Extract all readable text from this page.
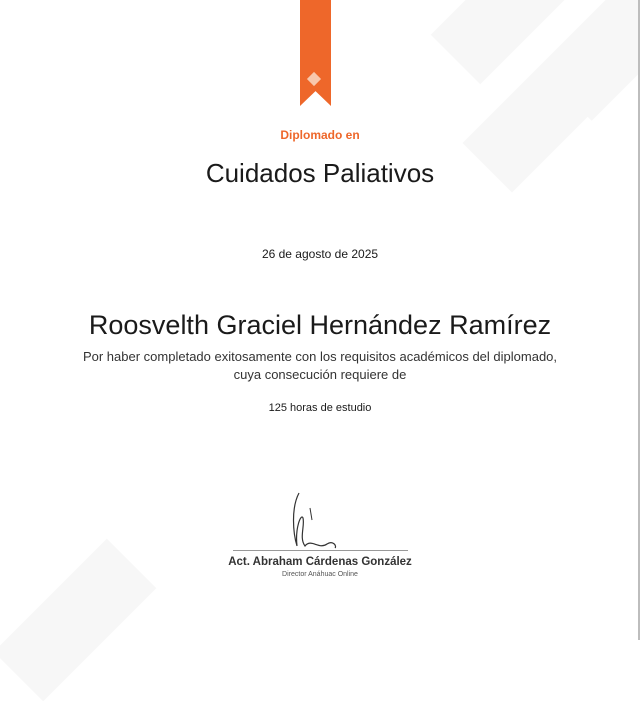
Diplomado en
Cuidados Paliativos
26 de agosto de 2025
Roosvelth Graciel Hernández Ramírez
Por haber completado exitosamente con los requisitos académicos del diplomado,
cuya consecución requiere de
125 horas de estudio
Act. Abraham Cárdenas González
Director Anáhuac Online
